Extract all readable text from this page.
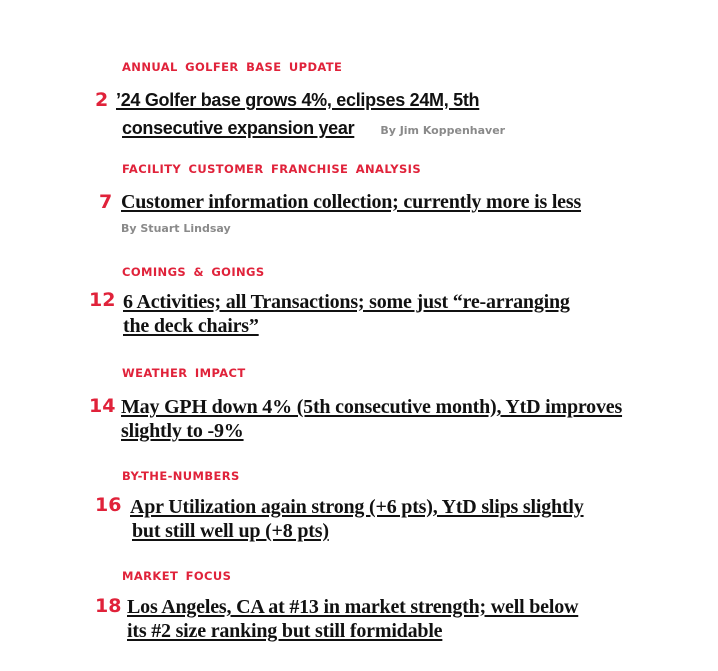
ANNUAL GOLFER BASE UPDATE
2 ’24 Golfer base grows 4%, eclipses 24M, 5th
consecutive expansion year By Jim Koppenhaver
FACILITY CUSTOMER FRANCHISE ANALYSIS
7 Customer information collection; currently more is less
By Stuart Lindsay
COMINGS & GOINGS
12 6 Activities; all Transactions; some just “re-arranging
the deck chairs”
WEATHER IMPACT
14 May GPH down 4% (5th consecutive month), YtD improves
slightly to -9%
BY-THE-NUMBERS
16 Apr Utilization again strong (+6 pts), YtD slips slightly
but still well up (+8 pts)
MARKET FOCUS
18 Los Angeles, CA at #13 in market strength; well below
its #2 size ranking but still formidable
